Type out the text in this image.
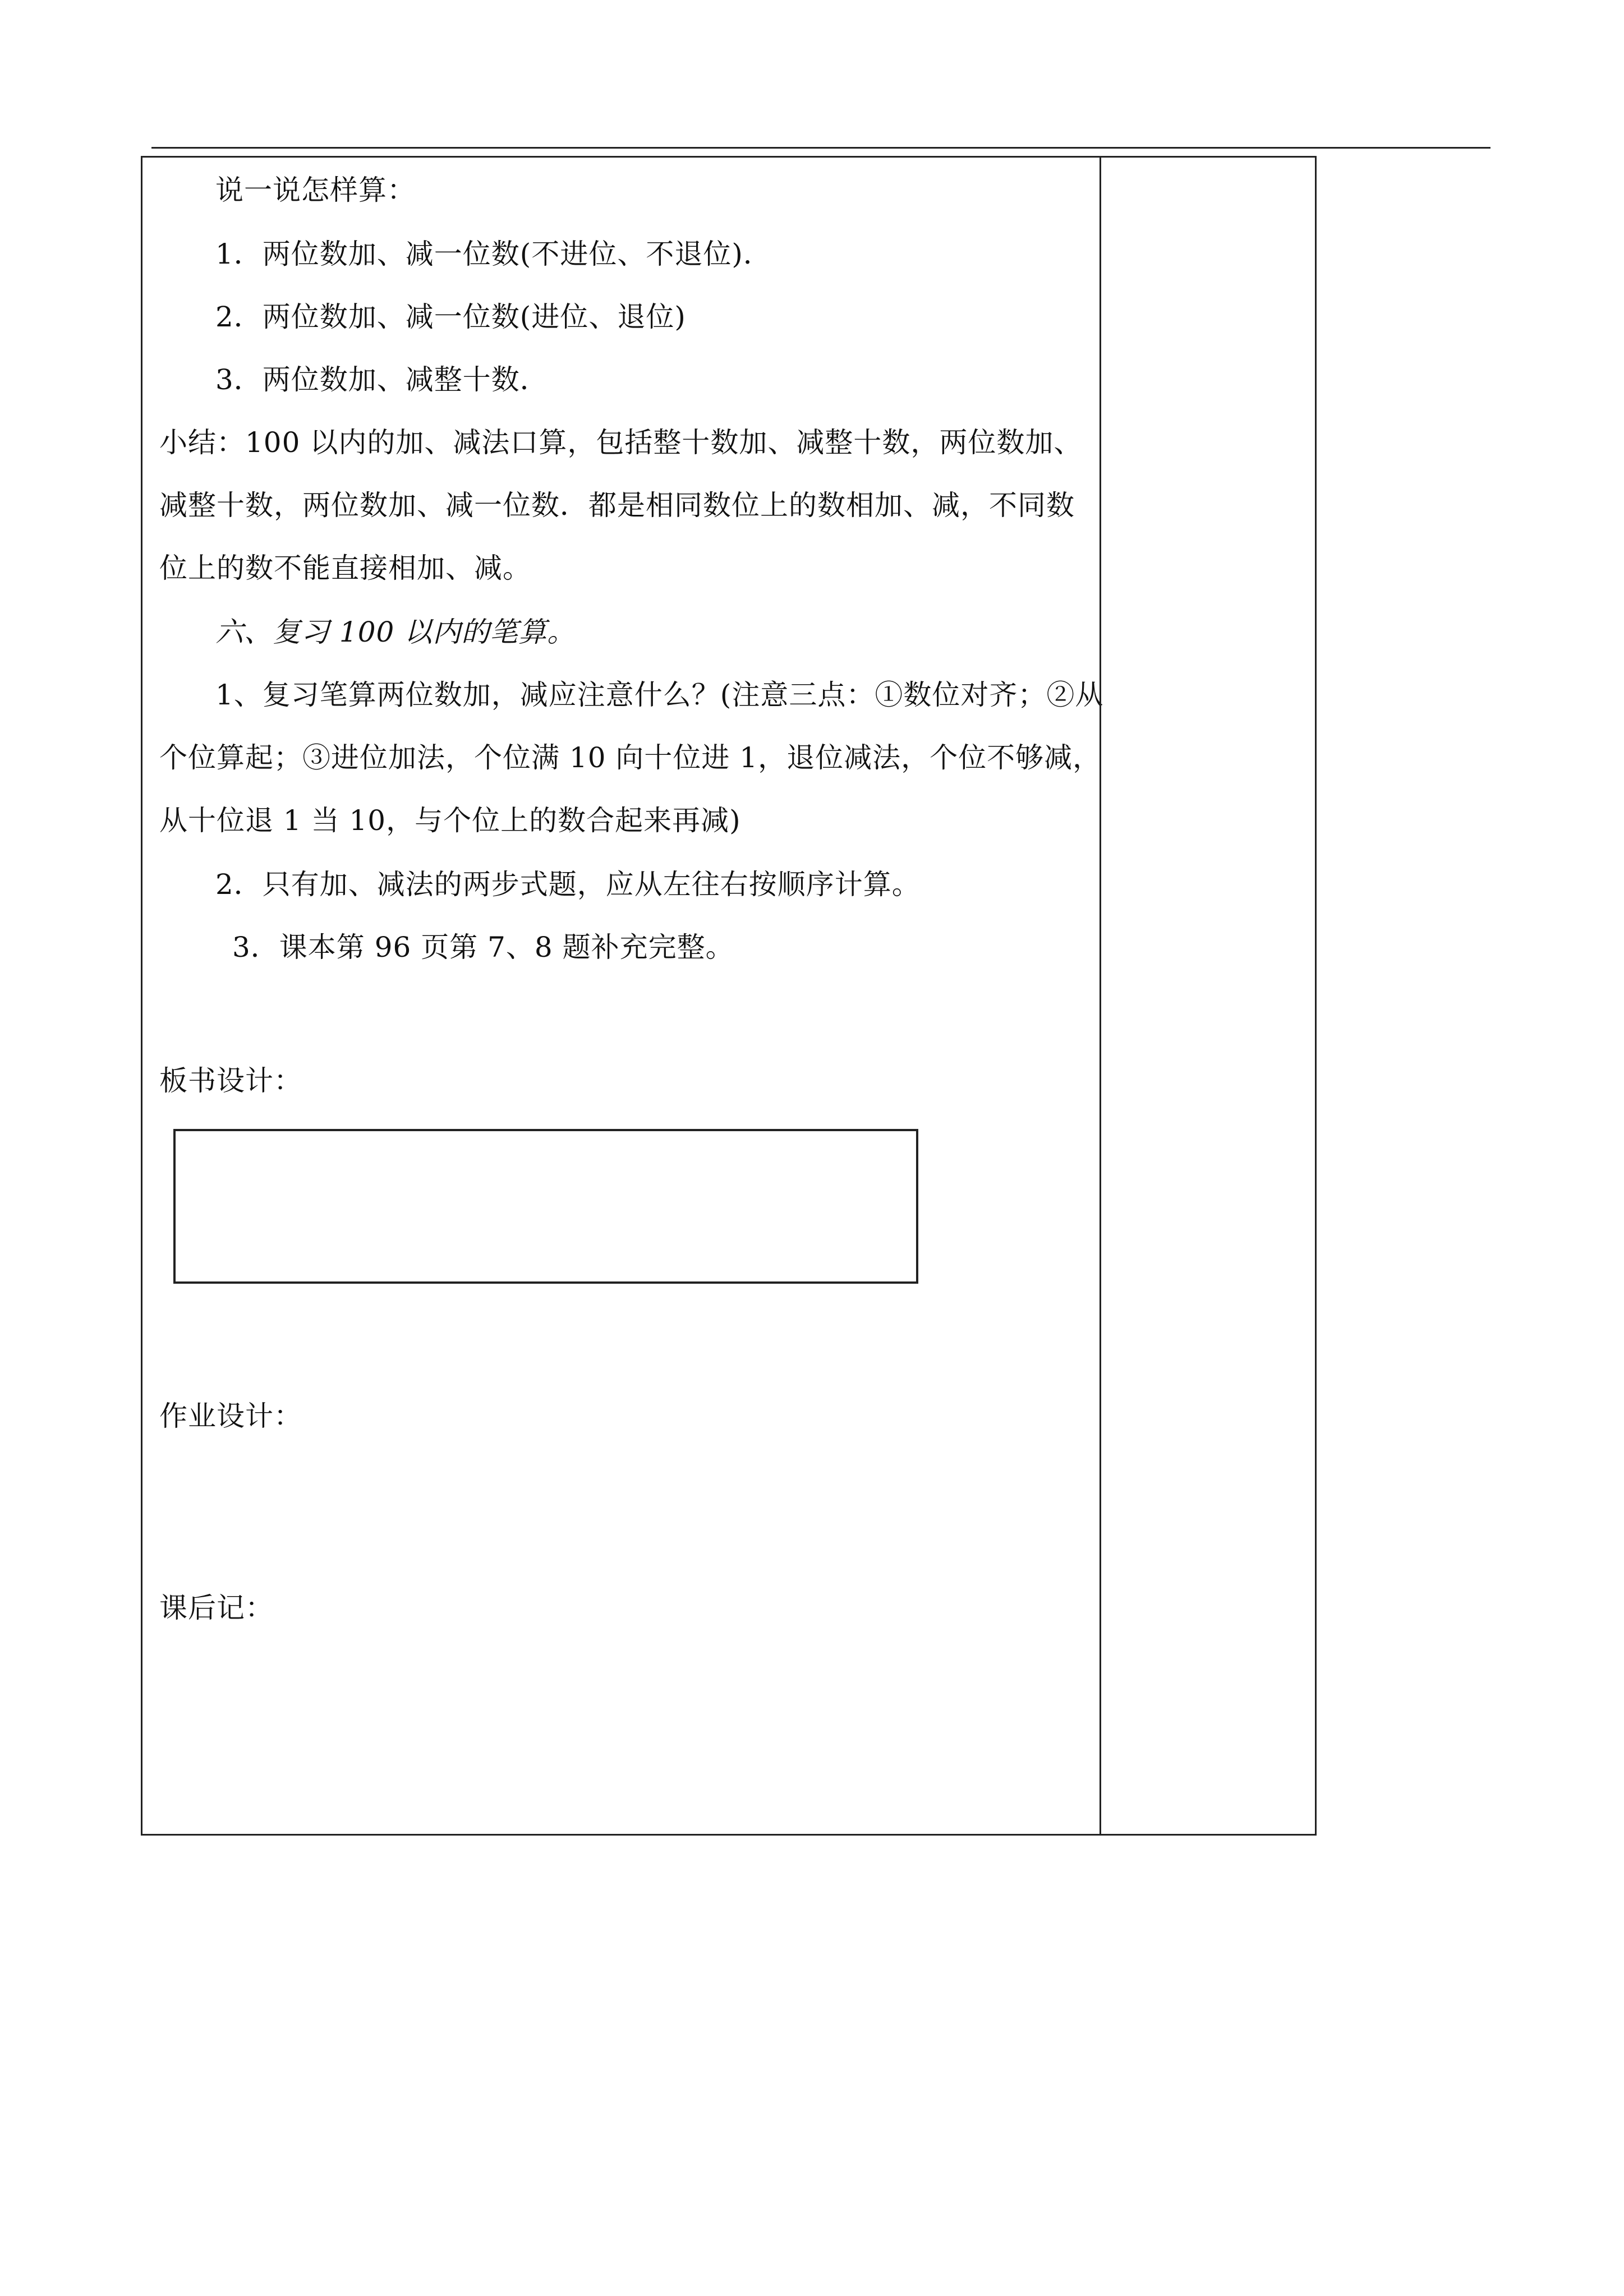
说一说怎样算：
1．两位数加、减一位数(不进位、不退位)．
2．两位数加、减一位数(进位、退位)
3．两位数加、减整十数．
小结：100 以内的加、减法口算，包括整十数加、减整十数，两位数加、
减整十数，两位数加、减一位数．都是相同数位上的数相加、减，不同数
位上的数不能直接相加、减。
六、复习 100 以内的笔算。
1、复习笔算两位数加，减应注意什么？(注意三点：①数位对齐；②从
个位算起；③进位加法，个位满 10 向十位进 1，退位减法，个位不够减，
从十位退 1 当 10，与个位上的数合起来再减)
2．只有加、减法的两步式题，应从左往右按顺序计算。
3．课本第 96 页第 7、8 题补充完整。
板书设计：
作业设计：
课后记：
